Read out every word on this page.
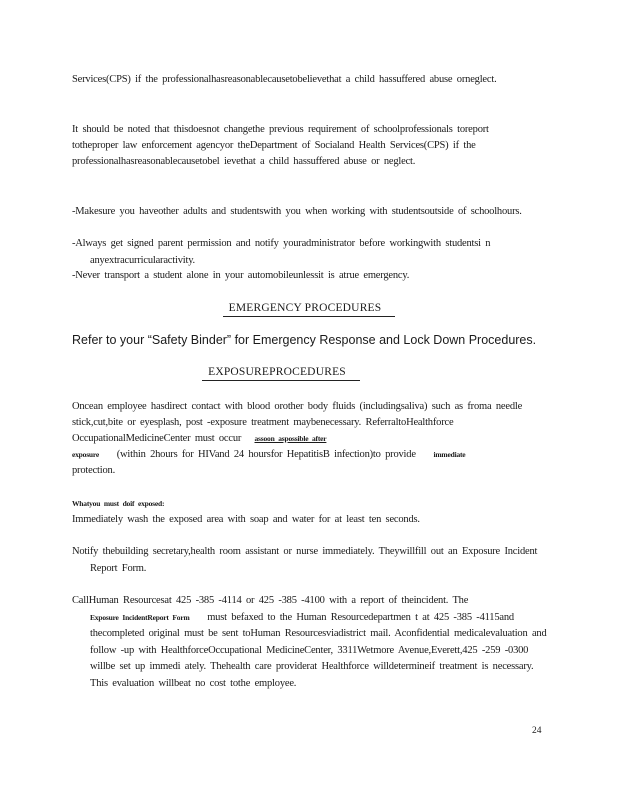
Services(CPS) if the professionalhasreasonablecausetobelievethat a child hassuffered abuse orneglect.

It should be noted that thisdoesnot changethe previous requirement of schoolprofessionals toreport totheproper law enforcement agencyor theDepartment of Socialand Health Services(CPS) if the professionalhasreasonablecausetobel ievethat a child hassuffered abuse or neglect.

-Makesure you haveother adults and studentswith you when working with studentsoutside of schoolhours.

-Always get signed parent permission and notify youradministrator before workingwith studentsi n anyextracurricularactivity.

-Never transport a student alone in your automobileunlessit is atrue emergency.

EMERGENCY PROCEDURES

Refer to your “Safety Binder” for Emergency Response and Lock Down Procedures.

EXPOSUREPROCEDURES

Oncean employee hasdirect contact with blood orother body fluids (includingsaliva) such as froma needle stick,cut,bite or eyesplash, post -exposure treatment maybenecessary. ReferraltoHealthforce OccupationalMedicineCenter must occur assoon aspossible after
exposure (within 2hours for HIVand 24 hoursfor HepatitisB infection)to provide immediate
protection.

Whatyou must doif exposed:

Immediately wash the exposed area with soap and water for at least ten seconds.

Notify thebuilding secretary,health room assistant or nurse immediately. Theywillfill out an Exposure Incident Report Form.

CallHuman Resourcesat 425 -385 -4114 or 425 -385 -4100 with a report of theincident. The
Exposure IncidentReport Form must befaxed to the Human Resourcedepartmen t at 425 -385 -4115and thecompleted original must be sent toHuman Resourcesviadistrict mail. Aconfidential medicalevaluation and follow -up with HealthforceOccupational MedicineCenter, 3311Wetmore Avenue,Everett,425 -259 -0300 willbe set up immedi ately. Thehealth care providerat Healthforce willdetermineif treatment is necessary. This evaluation willbeat no cost tothe employee.
24
